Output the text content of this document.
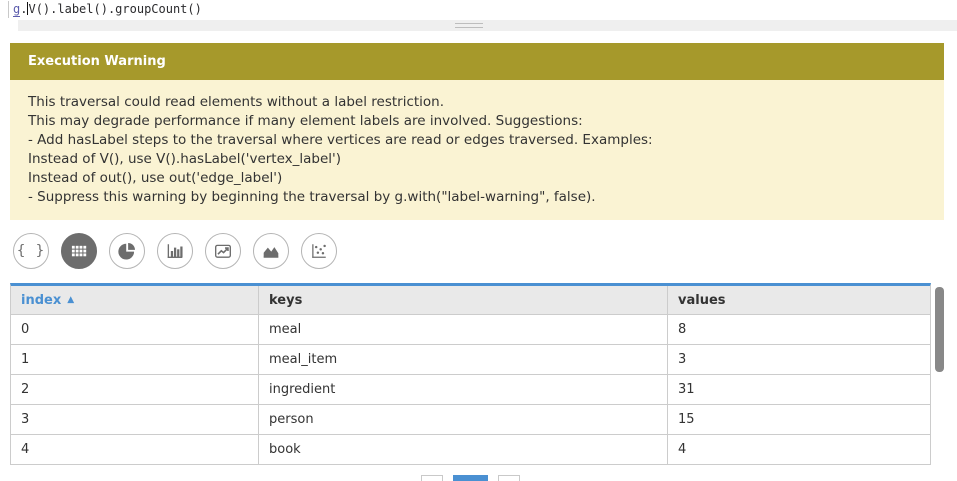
g.V().label().groupCount()
Execution Warning
This traversal could read elements without a label restriction.
This may degrade performance if many element labels are involved. Suggestions:
- Add hasLabel steps to the traversal where vertices are read or edges traversed. Examples:
Instead of V(), use V().hasLabel('vertex_label')
Instead of out(), use out('edge_label')
- Suppress this warning by beginning the traversal by g.with("label-warning", false).
{ }
index ▲	keys	values
0	meal	8
1	meal_item	3
2	ingredient	31
3	person	15
4	book	4
